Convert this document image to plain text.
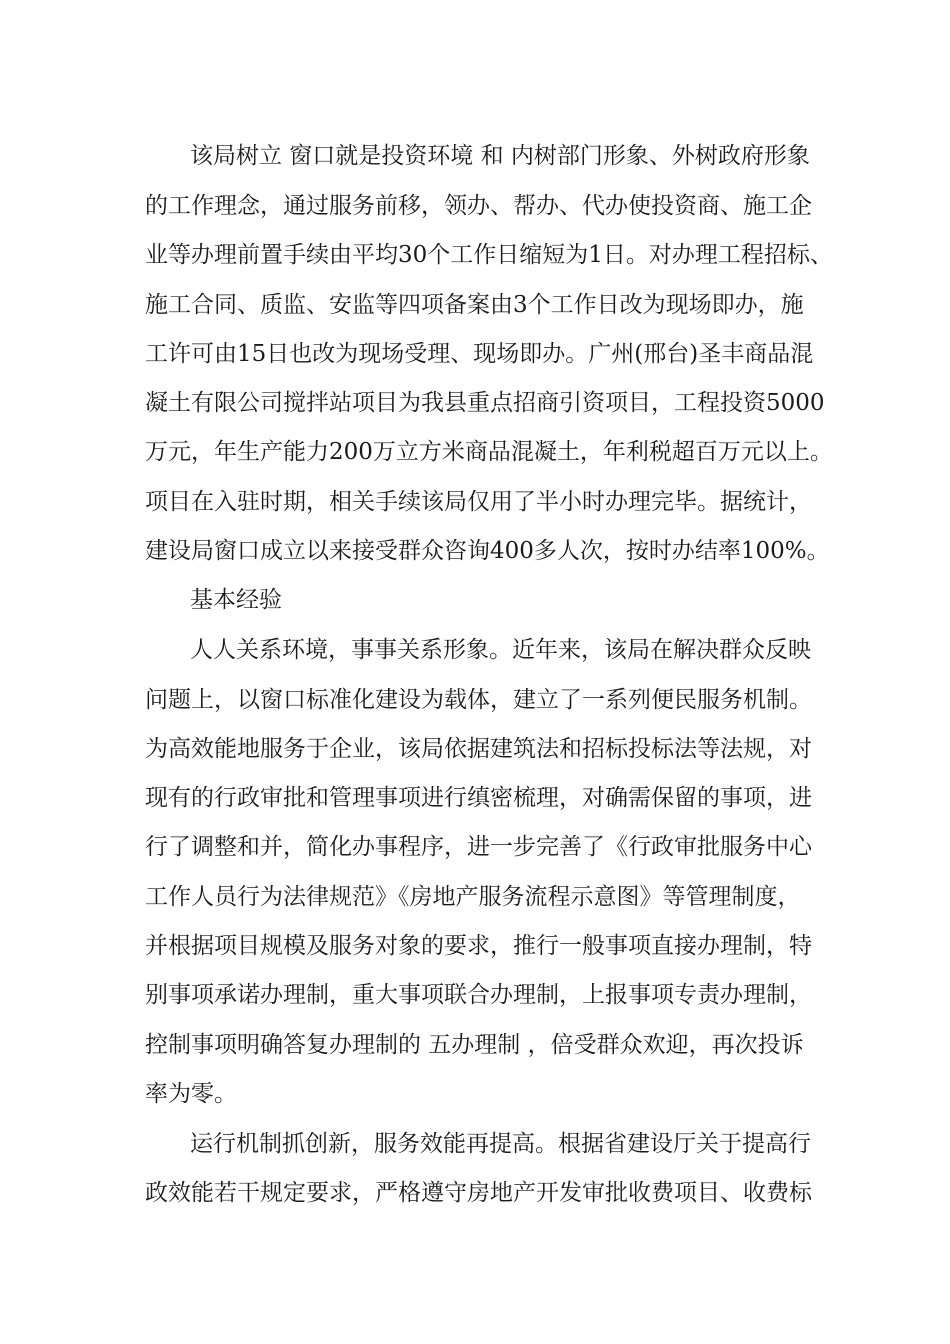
该局树立 窗口就是投资环境 和 内树部门形象、外树政府形象
的工作理念，通过服务前移，领办、帮办、代办使投资商、施工企
业等办理前置手续由平均30个工作日缩短为1日。对办理工程招标、
施工合同、质监、安监等四项备案由3个工作日改为现场即办，施
工许可由15日也改为现场受理、现场即办。广州(邢台)圣丰商品混
凝土有限公司搅拌站项目为我县重点招商引资项目，工程投资5000
万元，年生产能力200万立方米商品混凝土，年利税超百万元以上。
项目在入驻时期，相关手续该局仅用了半小时办理完毕。据统计，
建设局窗口成立以来接受群众咨询400多人次，按时办结率100%。
基本经验
人人关系环境，事事关系形象。近年来，该局在解决群众反映
问题上，以窗口标准化建设为载体，建立了一系列便民服务机制。
为高效能地服务于企业，该局依据建筑法和招标投标法等法规，对
现有的行政审批和管理事项进行缜密梳理，对确需保留的事项，进
行了调整和并，简化办事程序，进一步完善了《行政审批服务中心
工作人员行为法律规范》《房地产服务流程示意图》等管理制度，
并根据项目规模及服务对象的要求，推行一般事项直接办理制，特
别事项承诺办理制，重大事项联合办理制，上报事项专责办理制，
控制事项明确答复办理制的 五办理制 ，倍受群众欢迎，再次投诉
率为零。
运行机制抓创新，服务效能再提高。根据省建设厅关于提高行
政效能若干规定要求，严格遵守房地产开发审批收费项目、收费标
